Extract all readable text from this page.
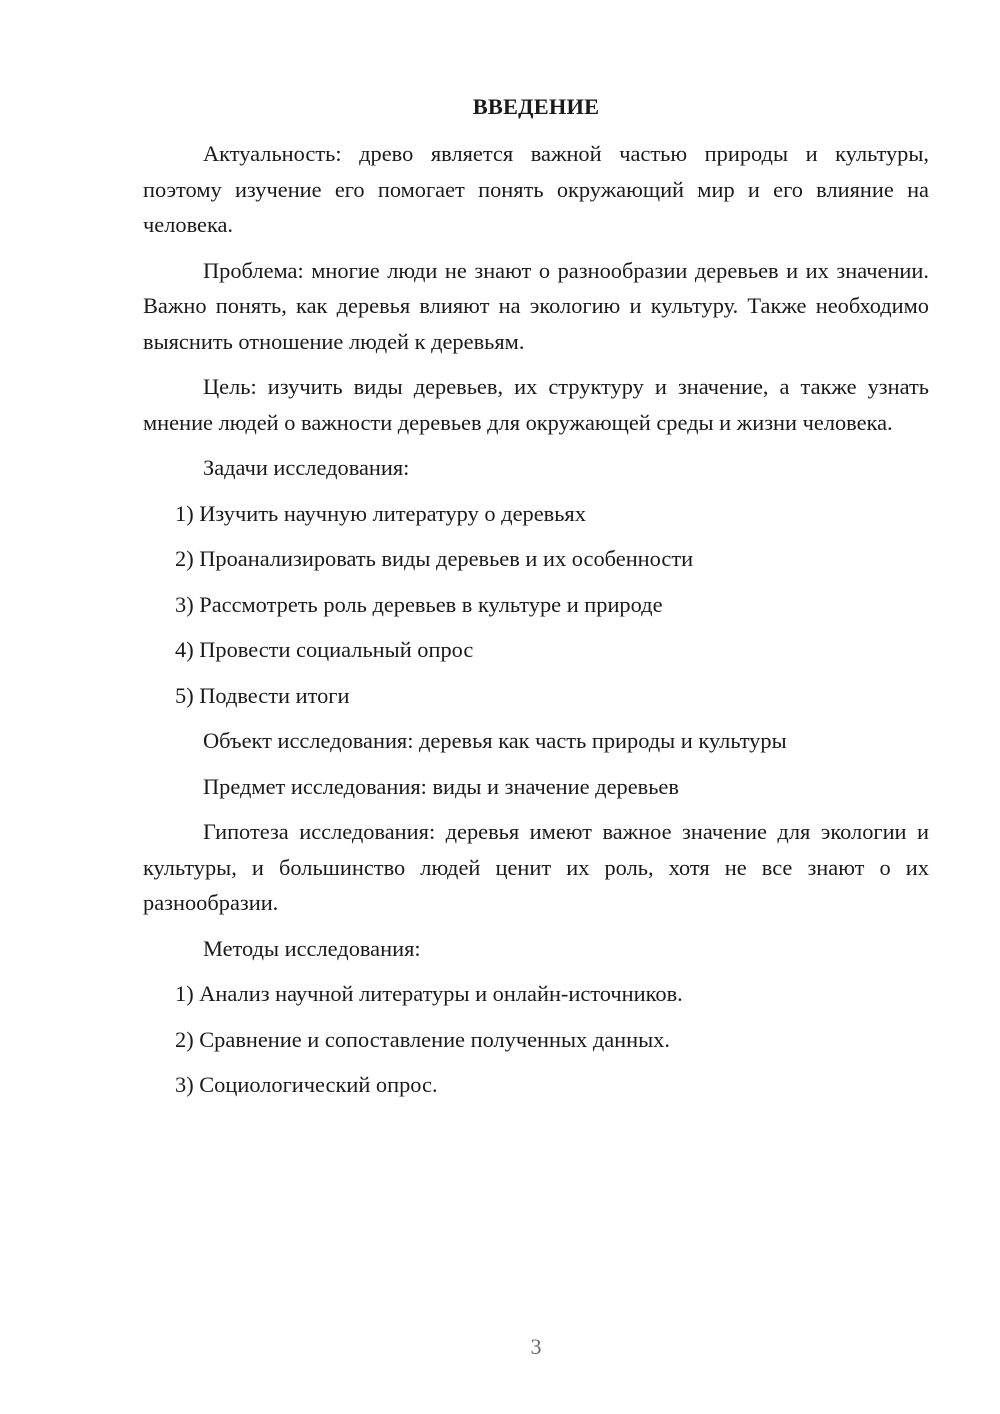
ВВЕДЕНИЕ

Актуальность: древо является важной частью природы и культуры, поэтому изучение его помогает понять окружающий мир и его влияние на человека.

Проблема: многие люди не знают о разнообразии деревьев и их значении. Важно понять, как деревья влияют на экологию и культуру. Также необходимо выяснить отношение людей к деревьям.

Цель: изучить виды деревьев, их структуру и значение, а также узнать мнение людей о важности деревьев для окружающей среды и жизни человека.

Задачи исследования:

1) Изучить научную литературу о деревьях

2) Проанализировать виды деревьев и их особенности

3) Рассмотреть роль деревьев в культуре и природе

4) Провести социальный опрос

5) Подвести итоги

Объект исследования: деревья как часть природы и культуры

Предмет исследования: виды и значение деревьев

Гипотеза исследования: деревья имеют важное значение для экологии и культуры, и большинство людей ценит их роль, хотя не все знают о их разнообразии.

Методы исследования:

1) Анализ научной литературы и онлайн-источников.

2) Сравнение и сопоставление полученных данных.

3) Социологический опрос.

3
